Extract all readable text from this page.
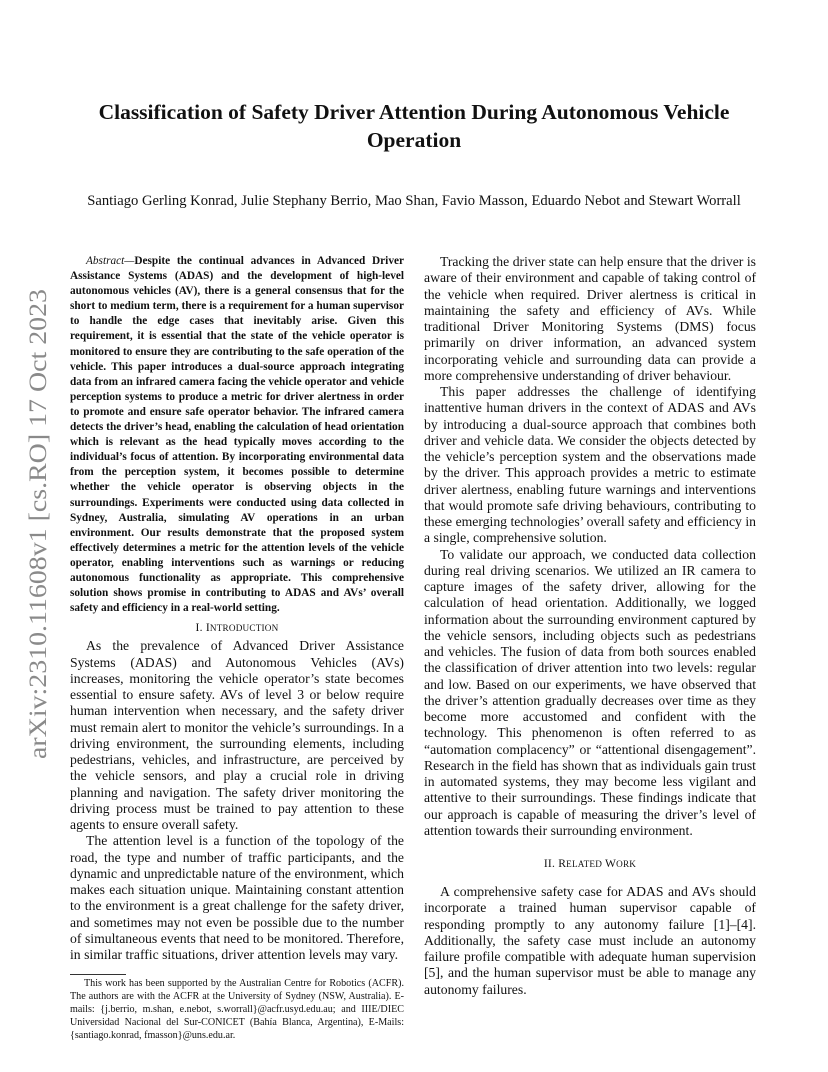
arXiv:2310.11608v1 [cs.RO] 17 Oct 2023
Classification of Safety Driver Attention During Autonomous Vehicle Operation
Santiago Gerling Konrad, Julie Stephany Berrio, Mao Shan, Favio Masson, Eduardo Nebot and Stewart Worrall

Abstract—Despite the continual advances in Advanced Driver Assistance Systems (ADAS) and the development of high-level autonomous vehicles (AV), there is a general consensus that for the short to medium term, there is a requirement for a human supervisor to handle the edge cases that inevitably arise. Given this requirement, it is essential that the state of the vehicle operator is monitored to ensure they are contributing to the safe operation of the vehicle. This paper introduces a dual-source approach integrating data from an infrared camera facing the vehicle operator and vehicle perception systems to produce a metric for driver alertness in order to promote and ensure safe operator behavior. The infrared camera detects the driver’s head, enabling the calculation of head orientation which is relevant as the head typically moves according to the individual’s focus of attention. By incorporating environmental data from the perception system, it becomes possible to determine whether the vehicle operator is observing objects in the surroundings. Experiments were conducted using data collected in Sydney, Australia, simulating AV operations in an urban environment. Our results demonstrate that the proposed system effectively determines a metric for the attention levels of the vehicle operator, enabling interventions such as warnings or reducing autonomous functionality as appropriate. This comprehensive solution shows promise in contributing to ADAS and AVs’ overall safety and efficiency in a real-world setting.

I. INTRODUCTION

As the prevalence of Advanced Driver Assistance Systems (ADAS) and Autonomous Vehicles (AVs) increases, monitoring the vehicle operator’s state becomes essential to ensure safety. AVs of level 3 or below require human intervention when necessary, and the safety driver must remain alert to monitor the vehicle’s surroundings. In a driving environment, the surrounding elements, including pedestrians, vehicles, and infrastructure, are perceived by the vehicle sensors, and play a crucial role in driving planning and navigation. The safety driver monitoring the driving process must be trained to pay attention to these agents to ensure overall safety.

The attention level is a function of the topology of the road, the type and number of traffic participants, and the dynamic and unpredictable nature of the environment, which makes each situation unique. Maintaining constant attention to the environment is a great challenge for the safety driver, and sometimes may not even be possible due to the number of simultaneous events that need to be monitored. Therefore, in similar traffic situations, driver attention levels may vary.

This work has been supported by the Australian Centre for Robotics (ACFR). The authors are with the ACFR at the University of Sydney (NSW, Australia). E-mails: {j.berrio, m.shan, e.nebot, s.worrall}@acfr.usyd.edu.au; and IIIE/DIEC Universidad Nacional del Sur-CONICET (Bahía Blanca, Argentina), E-Mails: {santiago.konrad, fmasson}@uns.edu.ar.

Tracking the driver state can help ensure that the driver is aware of their environment and capable of taking control of the vehicle when required. Driver alertness is critical in maintaining the safety and efficiency of AVs. While traditional Driver Monitoring Systems (DMS) focus primarily on driver information, an advanced system incorporating vehicle and surrounding data can provide a more comprehensive understanding of driver behaviour.

This paper addresses the challenge of identifying inattentive human drivers in the context of ADAS and AVs by introducing a dual-source approach that combines both driver and vehicle data. We consider the objects detected by the vehicle’s perception system and the observations made by the driver. This approach provides a metric to estimate driver alertness, enabling future warnings and interventions that would promote safe driving behaviours, contributing to these emerging technologies’ overall safety and efficiency in a single, comprehensive solution.

To validate our approach, we conducted data collection during real driving scenarios. We utilized an IR camera to capture images of the safety driver, allowing for the calculation of head orientation. Additionally, we logged information about the surrounding environment captured by the vehicle sensors, including objects such as pedestrians and vehicles. The fusion of data from both sources enabled the classification of driver attention into two levels: regular and low. Based on our experiments, we have observed that the driver’s attention gradually decreases over time as they become more accustomed and confident with the technology. This phenomenon is often referred to as “automation complacency” or “attentional disengagement”. Research in the field has shown that as individuals gain trust in automated systems, they may become less vigilant and attentive to their surroundings. These findings indicate that our approach is capable of measuring the driver’s level of attention towards their surrounding environment.

II. RELATED WORK

A comprehensive safety case for ADAS and AVs should incorporate a trained human supervisor capable of responding promptly to any autonomy failure [1]–[4]. Additionally, the safety case must include an autonomy failure profile compatible with adequate human supervision [5], and the human supervisor must be able to manage any autonomy failures.
